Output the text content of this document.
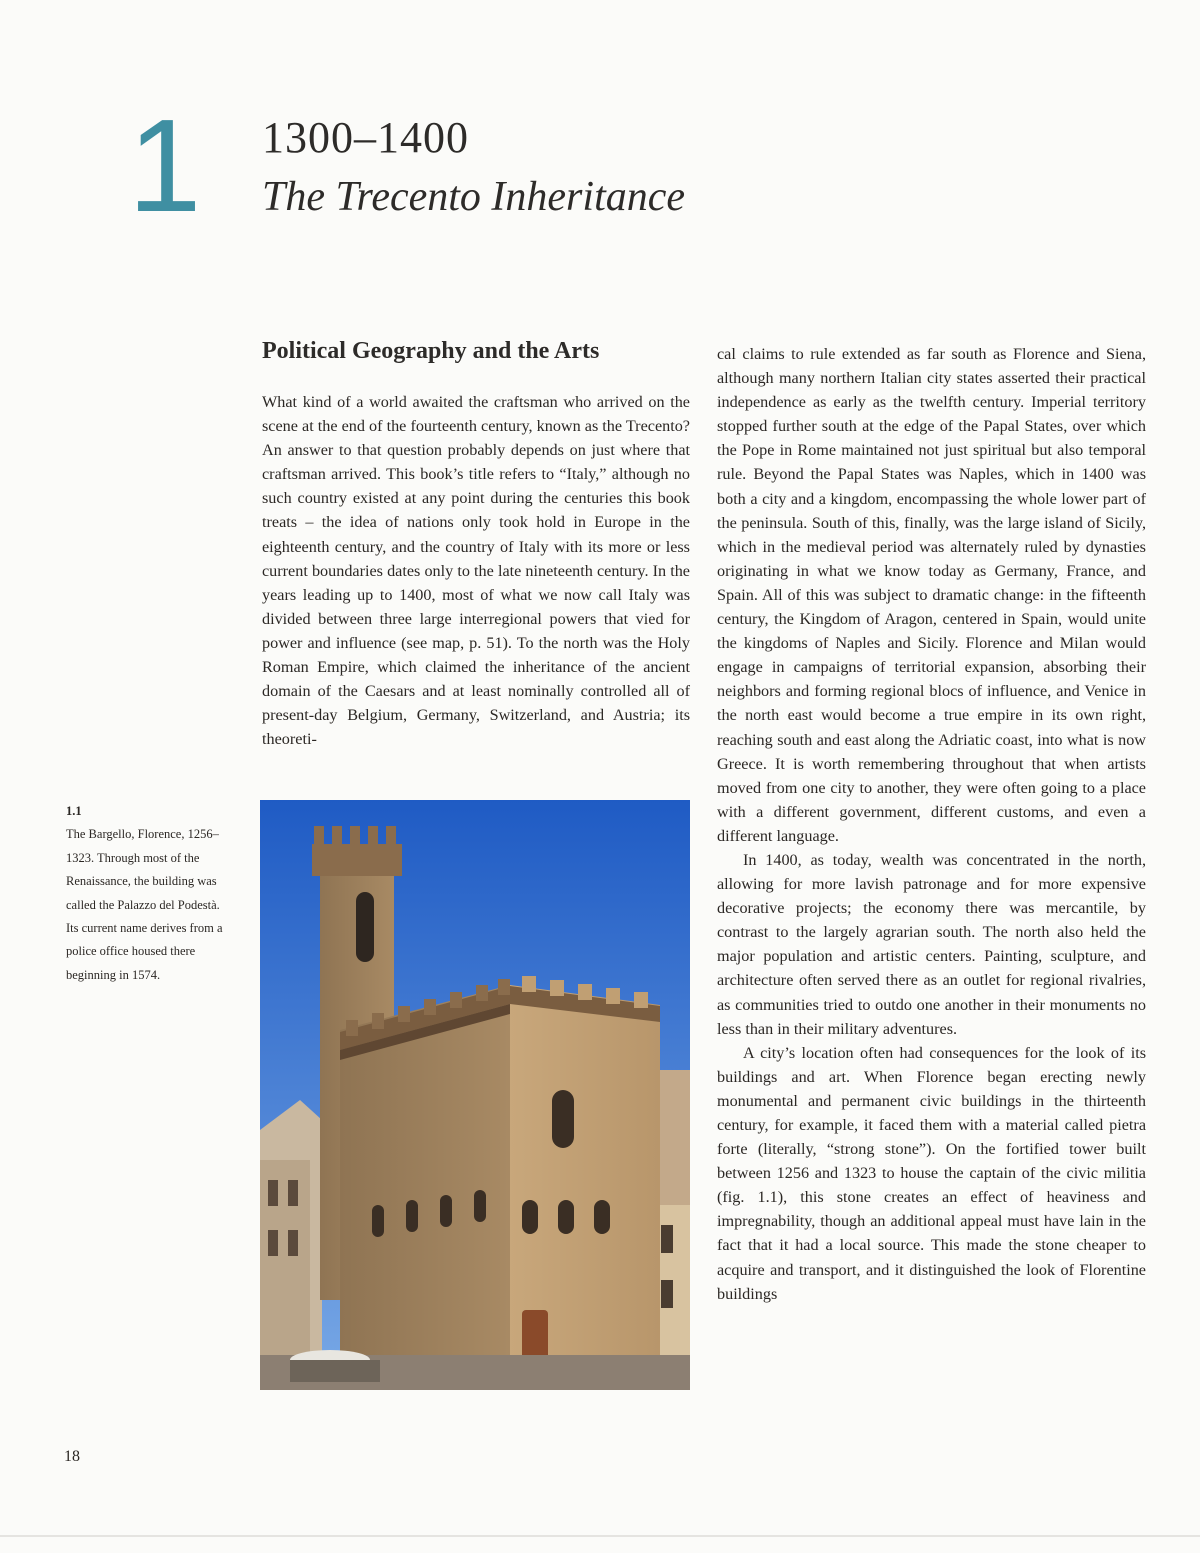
1 1300–1400
The Trecento Inheritance
Political Geography and the Arts

What kind of a world awaited the craftsman who arrived on the scene at the end of the fourteenth century, known as the Trecento? An answer to that question probably depends on just where that craftsman arrived. This book’s title refers to “Italy,” although no such country existed at any point during the centuries this book treats – the idea of nations only took hold in Europe in the eighteenth century, and the country of Italy with its more or less current boundaries dates only to the late nineteenth century. In the years leading up to 1400, most of what we now call Italy was divided between three large interregional powers that vied for power and influence (see map, p. 51). To the north was the Holy Roman Empire, which claimed the inheritance of the ancient domain of the Caesars and at least nominally controlled all of present-day Belgium, Germany, Switzerland, and Austria; its theoreti-

cal claims to rule extended as far south as Florence and Siena, although many northern Italian city states asserted their practical independence as early as the twelfth century. Imperial territory stopped further south at the edge of the Papal States, over which the Pope in Rome maintained not just spiritual but also temporal rule. Beyond the Papal States was Naples, which in 1400 was both a city and a kingdom, encompassing the whole lower part of the peninsula. South of this, finally, was the large island of Sicily, which in the medieval period was alternately ruled by dynasties originating in what we know today as Germany, France, and Spain. All of this was subject to dramatic change: in the fifteenth century, the Kingdom of Aragon, centered in Spain, would unite the kingdoms of Naples and Sicily. Florence and Milan would engage in campaigns of territorial expansion, absorbing their neighbors and forming regional blocs of influence, and Venice in the north east would become a true empire in its own right, reaching south and east along the Adriatic coast, into what is now Greece. It is worth remembering throughout that when artists moved from one city to another, they were often going to a place with a different government, different customs, and even a different language.

In 1400, as today, wealth was concentrated in the north, allowing for more lavish patronage and for more expensive decorative projects; the economy there was mercantile, by contrast to the largely agrarian south. The north also held the major population and artistic centers. Painting, sculpture, and architecture often served there as an outlet for regional rivalries, as communities tried to outdo one another in their monuments no less than in their military adventures.

A city’s location often had consequences for the look of its buildings and art. When Florence began erecting newly monumental and permanent civic buildings in the thirteenth century, for example, it faced them with a material called pietra forte (literally, “strong stone”). On the fortified tower built between 1256 and 1323 to house the captain of the civic militia (fig. 1.1), this stone creates an effect of heaviness and impregnability, though an additional appeal must have lain in the fact that it had a local source. This made the stone cheaper to acquire and transport, and it distinguished the look of Florentine buildings

1.1
The Bargello, Florence, 1256–1323. Through most of the Renaissance, the building was called the Palazzo del Podestà. Its current name derives from a police office housed there beginning in 1574.
18
